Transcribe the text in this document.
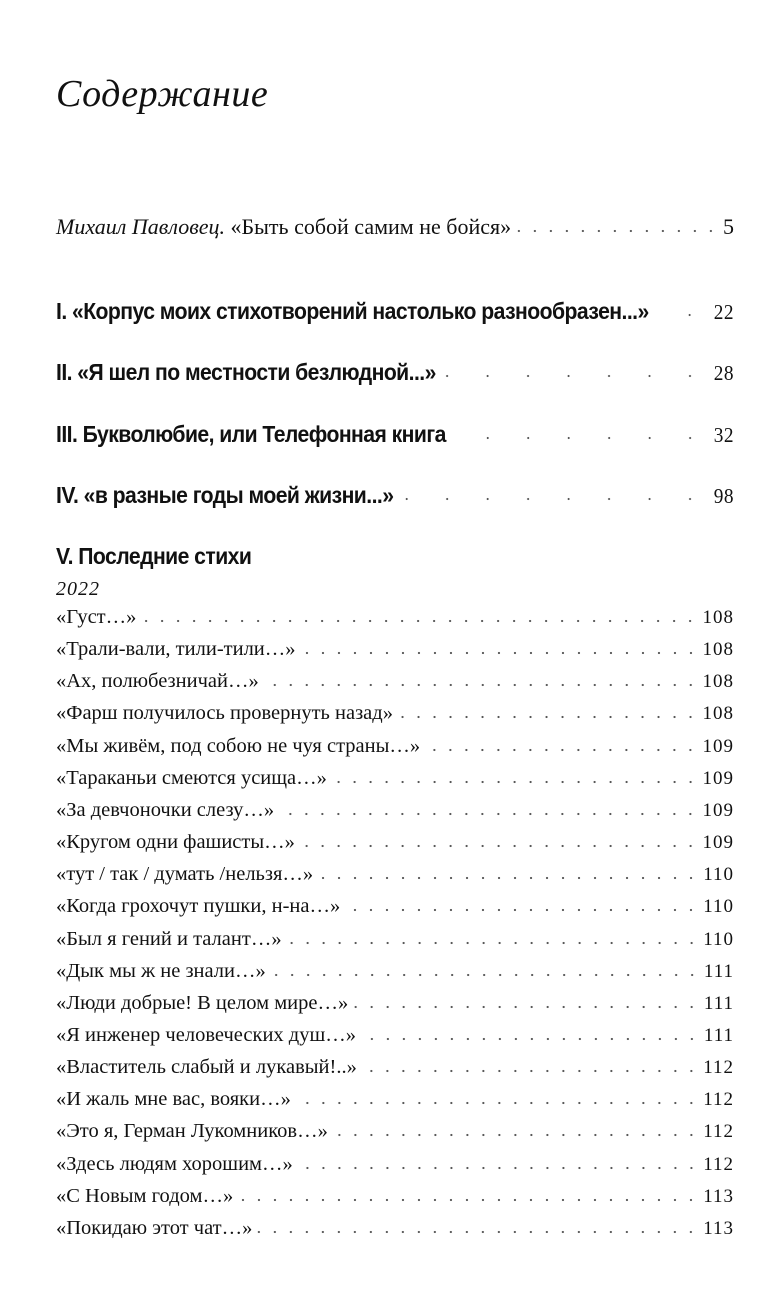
Содержание
Михаил Павловец. «Быть собой самим не бойся»	5
I. «Корпус моих стихотворений настолько разнообразен...»	22
II. «Я шел по местности безлюдной...»	28
III. Букволюбие, или Телефонная книга	32
IV. «в разные годы моей жизни...»	98
V. Последние стихи
2022
«Густ…»	108
«Трали-вали, тили-тили…»	108
«Ах, полюбезничай…»	108
«Фарш получилось провернуть назад»	108
«Мы живём, под собою не чуя страны…»	109
«Тараканьи смеются усища…»	109
«За девчоночки слезу…»	109
«Кругом одни фашисты…»	109
«тут / так / думать /нельзя…»	110
«Когда грохочут пушки, н-на…»	110
«Был я гений и талант…»	110
«Дык мы ж не знали…»	111
«Люди добрые! В целом мире…»	111
«Я инженер человеческих душ…»	111
«Властитель слабый и лукавый!..»	112
«И жаль мне вас, вояки…»	112
«Это я, Герман Лукомников…»	112
«Здесь людям хорошим…»	112
«С Новым годом…»	113
«Покидаю этот чат…»	113
